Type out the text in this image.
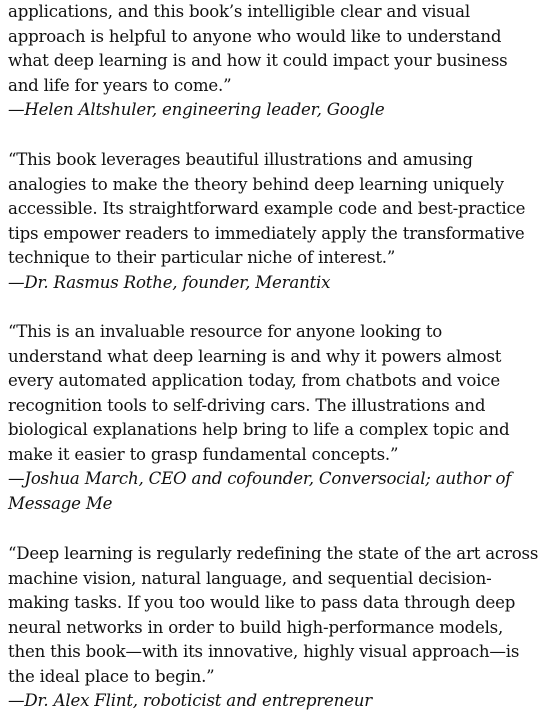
applications, and this book’s intelligible clear and visual
approach is helpful to anyone who would like to understand
what deep learning is and how it could impact your business
and life for years to come.”
—Helen Altshuler, engineering leader, Google
“This book leverages beautiful illustrations and amusing
analogies to make the theory behind deep learning uniquely
accessible. Its straightforward example code and best-practice
tips empower readers to immediately apply the transformative
technique to their particular niche of interest.”
—Dr. Rasmus Rothe, founder, Merantix
“This is an invaluable resource for anyone looking to
understand what deep learning is and why it powers almost
every automated application today, from chatbots and voice
recognition tools to self-driving cars. The illustrations and
biological explanations help bring to life a complex topic and
make it easier to grasp fundamental concepts.”
—Joshua March, CEO and cofounder, Conversocial; author of
Message Me
“Deep learning is regularly redefining the state of the art across
machine vision, natural language, and sequential decision-
making tasks. If you too would like to pass data through deep
neural networks in order to build high-performance models,
then this book—with its innovative, highly visual approach—is
the ideal place to begin.”
—Dr. Alex Flint, roboticist and entrepreneur
